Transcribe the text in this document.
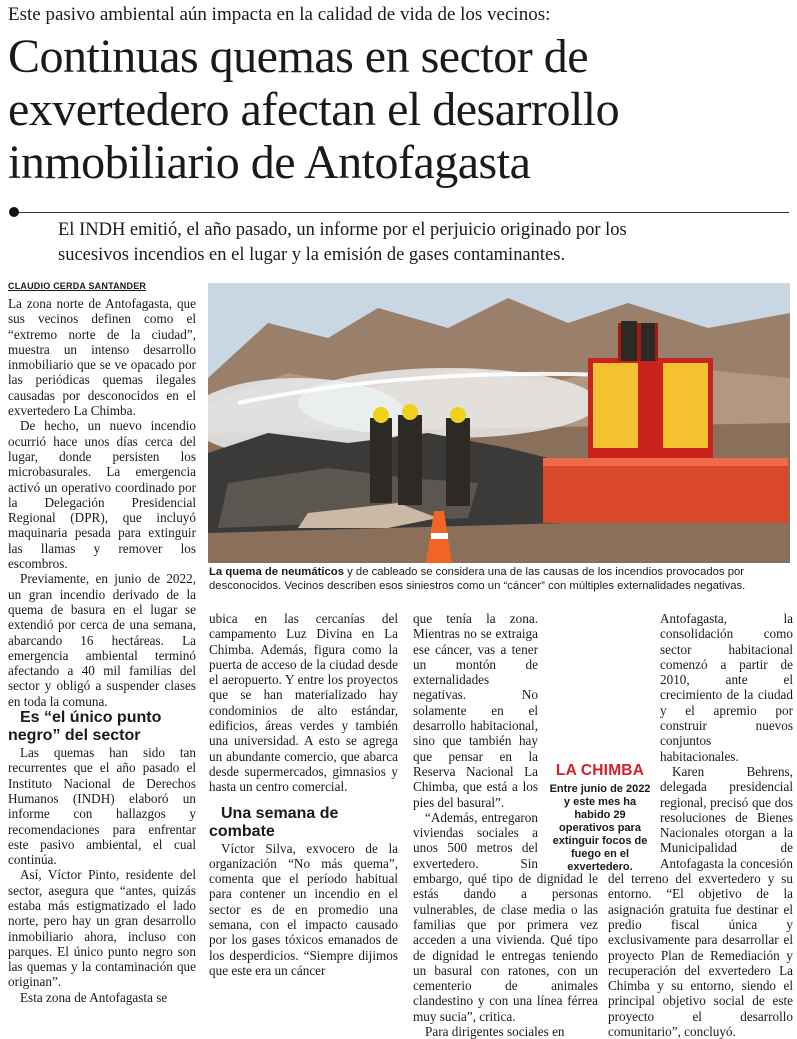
Este pasivo ambiental aún impacta en la calidad de vida de los vecinos:
Continuas quemas en sector de
exvertedero afectan el desarrollo
inmobiliario de Antofagasta
El INDH emitió, el año pasado, un informe por el perjuicio originado por los
sucesivos incendios en el lugar y la emisión de gases contaminantes.
CLAUDIO CERDA SANTANDER
La quema de neumáticos y de cableado se considera una de las causas de los incendios provocados por desconocidos. Vecinos describen esos siniestros como un “cáncer” con múltiples externalidades negativas.

La zona norte de Antofagasta, que sus vecinos definen como el “extremo norte de la ciudad”, muestra un intenso desarrollo inmobiliario que se ve opacado por las periódicas quemas ilegales causadas por desconocidos en el exvertedero La Chimba.

De hecho, un nuevo incendio ocurrió hace unos días cerca del lugar, donde persisten los microbasurales. La emergencia activó un operativo coordinado por la Delegación Presidencial Regional (DPR), que incluyó maquinaria pesada para extinguir las llamas y remover los escombros.

Previamente, en junio de 2022, un gran incendio derivado de la quema de basura en el lugar se extendió por cerca de una semana, abarcando 16 hectáreas. La emergencia ambiental terminó afectando a 40 mil familias del sector y obligó a suspender clases en toda la comuna.

Es “el único punto negro” del sector

Las quemas han sido tan recurrentes que el año pasado el Instituto Nacional de Derechos Humanos (INDH) elaboró un informe con hallazgos y recomendaciones para enfrentar este pasivo ambiental, el cual continúa.

Así, Víctor Pinto, residente del sector, asegura que “antes, quizás estaba más estigmatizado el lado norte, pero hay un gran desarrollo inmobiliario ahora, incluso con parques. El único punto negro son las quemas y la contaminación que originan”.

Esta zona de Antofagasta se

ubica en las cercanías del campamento Luz Divina en La Chimba. Además, figura como la puerta de acceso de la ciudad desde el aeropuerto. Y entre los proyectos que se han materializado hay condominios de alto estándar, edificios, áreas verdes y también una universidad. A esto se agrega un abundante comercio, que abarca desde supermercados, gimnasios y hasta un centro comercial.

Una semana de combate

Víctor Silva, exvocero de la organización “No más quema”, comenta que el período habitual para contener un incendio en el sector es de en promedio una semana, con el impacto causado por los gases tóxicos emanados de los desperdicios. “Siempre dijimos que este era un cáncer

que tenía la zona. Mientras no se extraiga ese cáncer, vas a tener un montón de externalidades negativas. No solamente en el desarrollo habitacional, sino que también hay que pensar en la Reserva Nacional La Chimba, que está a los pies del basural”.

“Además, entregaron viviendas sociales a unos 500 metros del exvertedero. Sin embargo, qué tipo de dignidad le estás dando a personas vulnerables, de clase media o las familias que por primera vez acceden a una vivienda. Qué tipo de dignidad le entregas teniendo un basural con ratones, con un cementerio de animales clandestino y con una línea férrea muy sucia”, critica.

Para dirigentes sociales en

Antofagasta, la consolidación como sector habitacional comenzó a partir de 2010, ante el crecimiento de la ciudad y el apremio por construir nuevos conjuntos habitacionales.

Karen Behrens, delegada presidencial regional, precisó que dos resoluciones de Bienes Nacionales otorgan a la Municipalidad de Antofagasta la concesión del terreno del exvertedero y su entorno. “El objetivo de la asignación gratuita fue destinar el predio fiscal única y exclusivamente para desarrollar el proyecto Plan de Remediación y recuperación del exvertedero La Chimba y su entorno, siendo el principal objetivo social de este proyecto el desarrollo comunitario”, concluyó.

LA CHIMBA
Entre junio de 2022 y este mes ha habido 29 operativos para extinguir focos de fuego en el exvertedero.
